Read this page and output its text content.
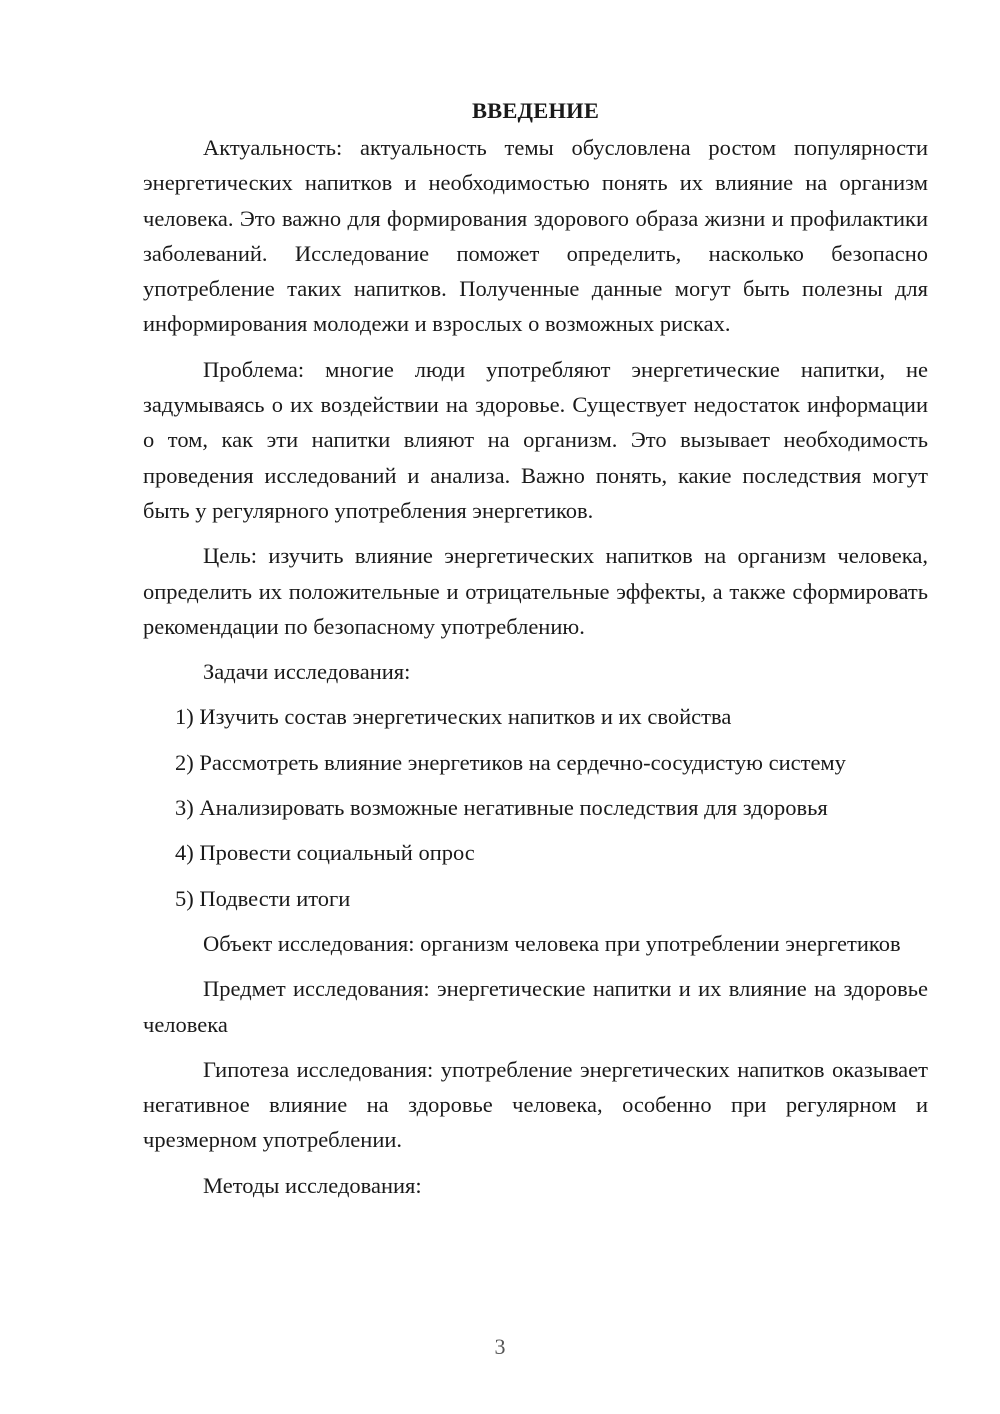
ВВЕДЕНИЕ

Актуальность: актуальность темы обусловлена ростом популярности энергетических напитков и необходимостью понять их влияние на организм человека. Это важно для формирования здорового образа жизни и профилактики заболеваний. Исследование поможет определить, насколько безопасно употребление таких напитков. Полученные данные могут быть полезны для информирования молодежи и взрослых о возможных рисках.

Проблема: многие люди употребляют энергетические напитки, не задумываясь о их воздействии на здоровье. Существует недостаток информации о том, как эти напитки влияют на организм. Это вызывает необходимость проведения исследований и анализа. Важно понять, какие последствия могут быть у регулярного употребления энергетиков.

Цель: изучить влияние энергетических напитков на организм человека, определить их положительные и отрицательные эффекты, а также сформировать рекомендации по безопасному употреблению.

Задачи исследования:

1) Изучить состав энергетических напитков и их свойства

2) Рассмотреть влияние энергетиков на сердечно-сосудистую систему

3) Анализировать возможные негативные последствия для здоровья

4) Провести социальный опрос

5) Подвести итоги

Объект исследования: организм человека при употреблении энергетиков

Предмет исследования: энергетические напитки и их влияние на здоровье человека

Гипотеза исследования: употребление энергетических напитков оказывает негативное влияние на здоровье человека, особенно при регулярном и чрезмерном употреблении.

Методы исследования:

3
